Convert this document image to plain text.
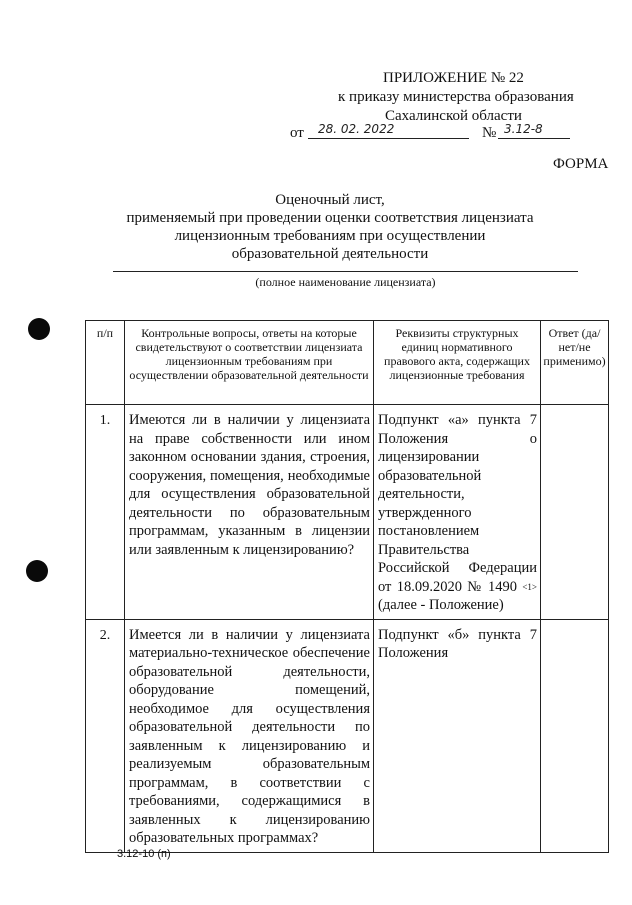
ПРИЛОЖЕНИЕ № 22
к приказу министерства образования
Сахалинской области
от 28. 02. 2022	№ 3.12-8
ФОРМА
Оценочный лист,
применяемый при проведении оценки соответствия лицензиата
лицензионным требованиям при осуществлении
образовательной деятельности
(полное наименование лицензиата)
п/п	Контрольные вопросы, ответы на которые свидетельствуют о соответствии лицензиата лицензионным требованиям при осуществлении образовательной деятельности	Реквизиты структурных единиц нормативного правового акта, содержащих лицензионные требования	Ответ (да/нет/не применимо)
1.	Имеются ли в наличии у лицензиата на праве собственности или ином законном основании здания, строения, сооружения, помещения, необходимые для осуществления образовательной деятельности по образовательным программам, указанным в лицензии или заявленным к лицензированию?	Подпункт «а» пункта 7 Положения о лицензировании образовательной деятельности, утвержденного постановлением Правительства Российской Федерации от 18.09.2020 № 1490 <1> (далее - Положение)	

2.	Имеется ли в наличии у лицензиата материально-техническое обеспечение образовательной деятельности, оборудование помещений, необходимое для осуществления образовательной деятельности по заявленным к лицензированию и реализуемым образовательным программам, в соответствии с требованиями, содержащимися в заявленных к лицензированию образовательных программах?	Подпункт «б» пункта 7 Положения	

3.12-10 (п)
